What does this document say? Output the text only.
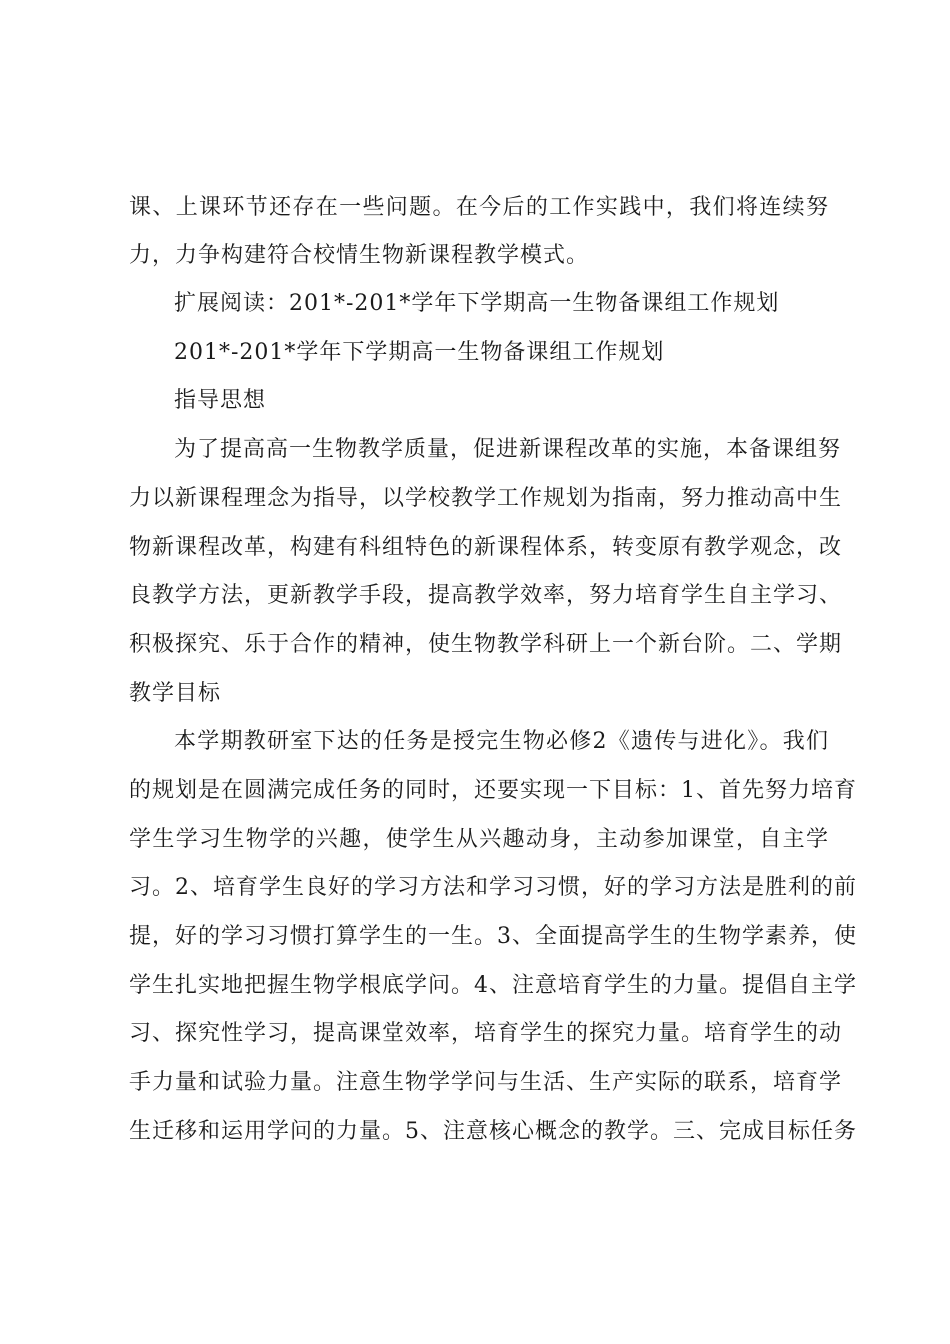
课、上课环节还存在一些问题。在今后的工作实践中，我们将连续努
力，力争构建符合校情生物新课程教学模式。
扩展阅读：201*-201*学年下学期高一生物备课组工作规划
201*-201*学年下学期高一生物备课组工作规划
指导思想
为了提高高一生物教学质量，促进新课程改革的实施，本备课组努
力以新课程理念为指导，以学校教学工作规划为指南，努力推动高中生
物新课程改革，构建有科组特色的新课程体系，转变原有教学观念，改
良教学方法，更新教学手段，提高教学效率，努力培育学生自主学习、
积极探究、乐于合作的精神，使生物教学科研上一个新台阶。二、学期
教学目标
本学期教研室下达的任务是授完生物必修2《遗传与进化》。我们
的规划是在圆满完成任务的同时，还要实现一下目标：1、首先努力培育
学生学习生物学的兴趣，使学生从兴趣动身，主动参加课堂，自主学
习。2、培育学生良好的学习方法和学习习惯，好的学习方法是胜利的前
提，好的学习习惯打算学生的一生。3、全面提高学生的生物学素养，使
学生扎实地把握生物学根底学问。4、注意培育学生的力量。提倡自主学
习、探究性学习，提高课堂效率，培育学生的探究力量。培育学生的动
手力量和试验力量。注意生物学学问与生活、生产实际的联系，培育学
生迁移和运用学问的力量。5、注意核心概念的教学。三、完成目标任务
